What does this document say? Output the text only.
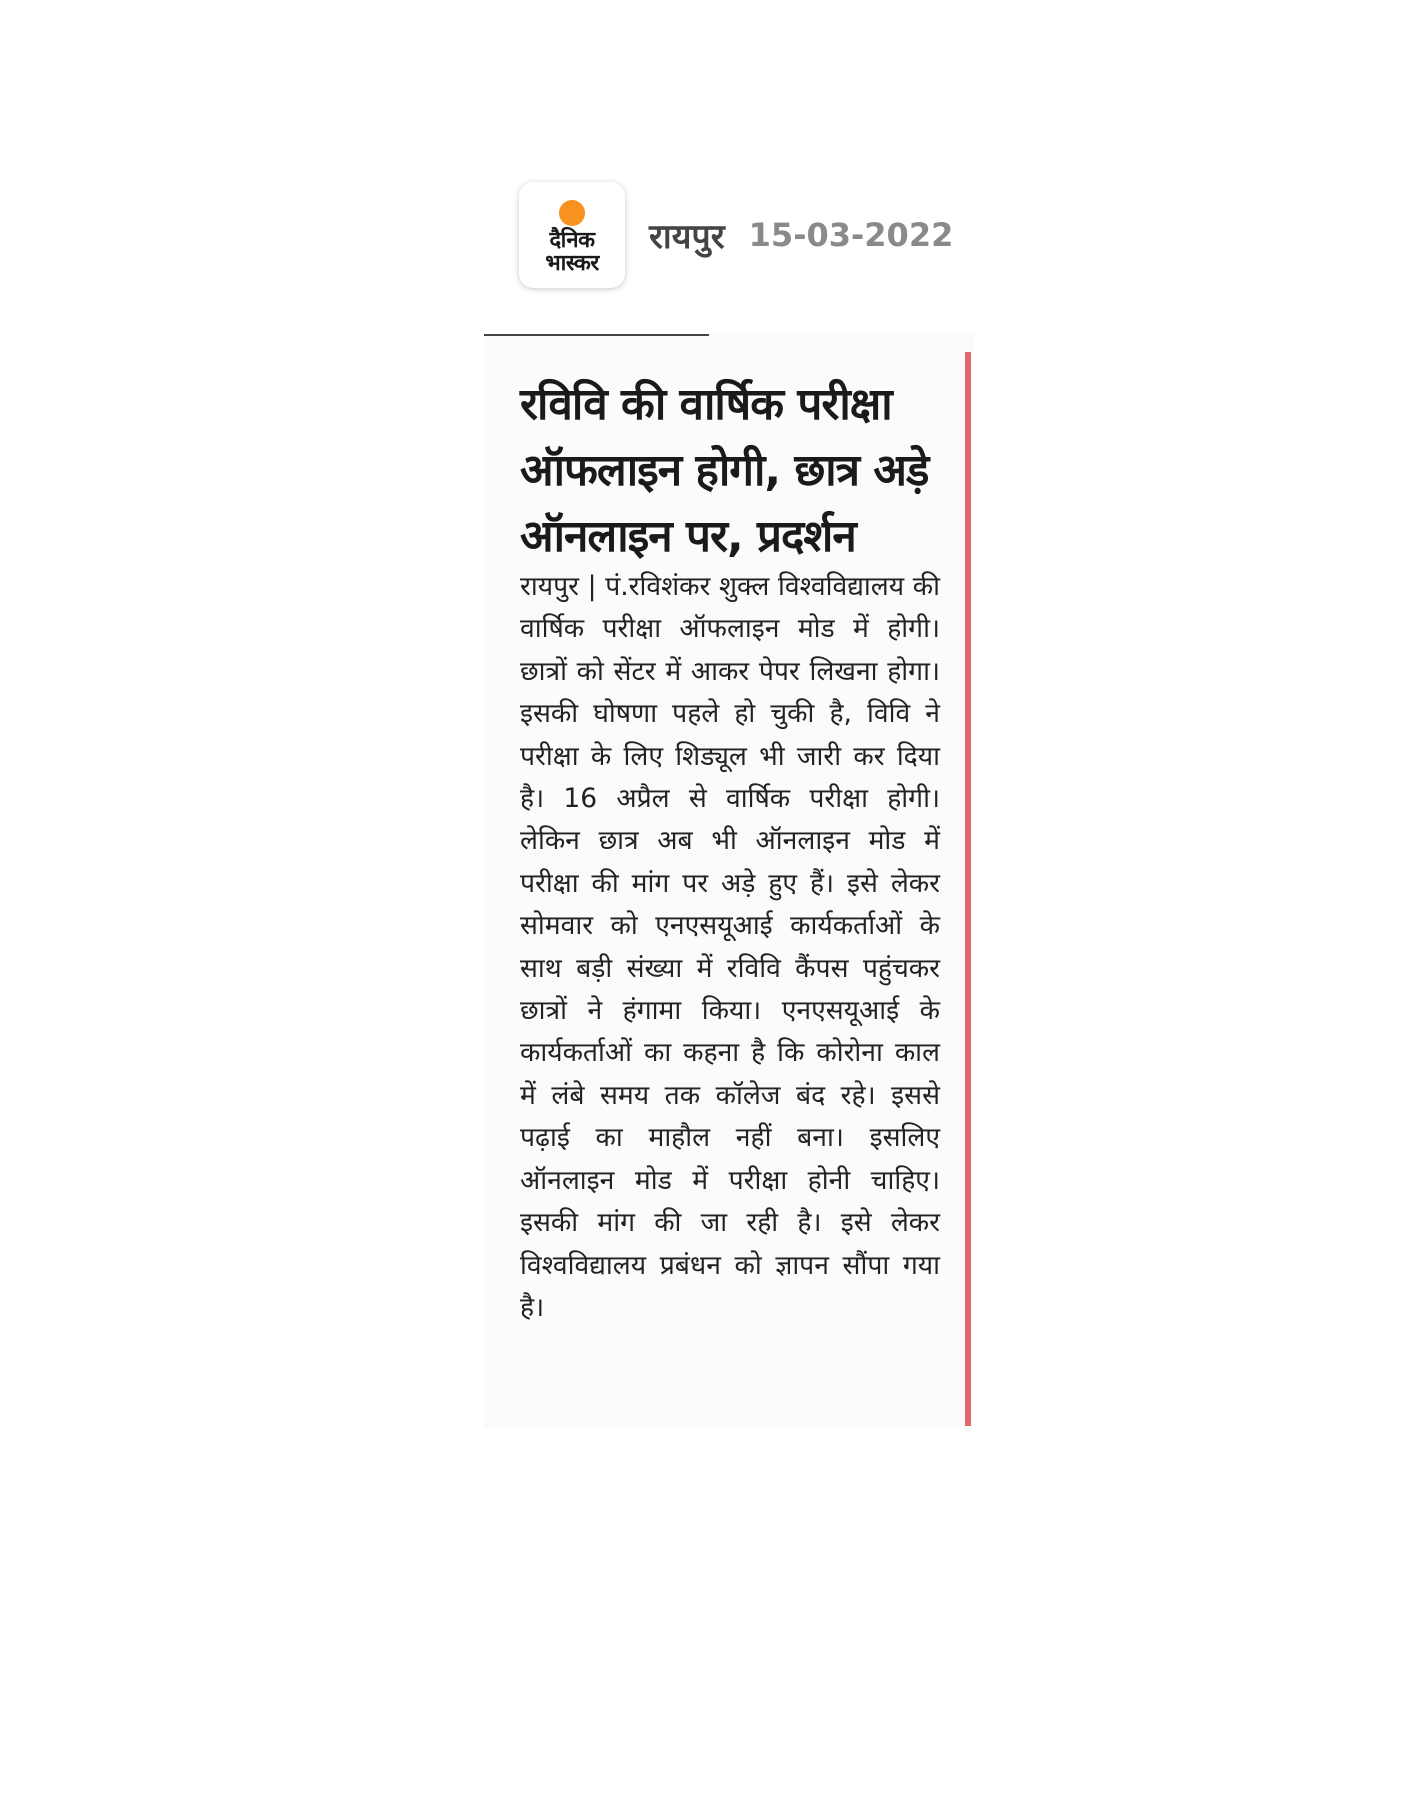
दैनिक
भास्कर
रायपुर 15-03-2022
रविवि की वार्षिक परीक्षा ऑफलाइन होगी, छात्र अड़े ऑनलाइन पर, प्रदर्शन
रायपुर | पं.रविशंकर शुक्ल विश्वविद्यालय की वार्षिक परीक्षा ऑफलाइन मोड में होगी। छात्रों को सेंटर में आकर पेपर लिखना होगा। इसकी घोषणा पहले हो चुकी है, विवि ने परीक्षा के लिए शिड्यूल भी जारी कर दिया है। 16 अप्रैल से वार्षिक परीक्षा होगी। लेकिन छात्र अब भी ऑनलाइन मोड में परीक्षा की मांग पर अड़े हुए हैं। इसे लेकर सोमवार को एनएसयूआई कार्यकर्ताओं के साथ बड़ी संख्या में रविवि कैंपस पहुंचकर छात्रों ने हंगामा किया। एनएसयूआई के कार्यकर्ताओं का कहना है कि कोरोना काल में लंबे समय तक कॉलेज बंद रहे। इससे पढ़ाई का माहौल नहीं बना। इसलिए ऑनलाइन मोड में परीक्षा होनी चाहिए। इसकी मांग की जा रही है। इसे लेकर विश्वविद्यालय प्रबंधन को ज्ञापन सौंपा गया है।
